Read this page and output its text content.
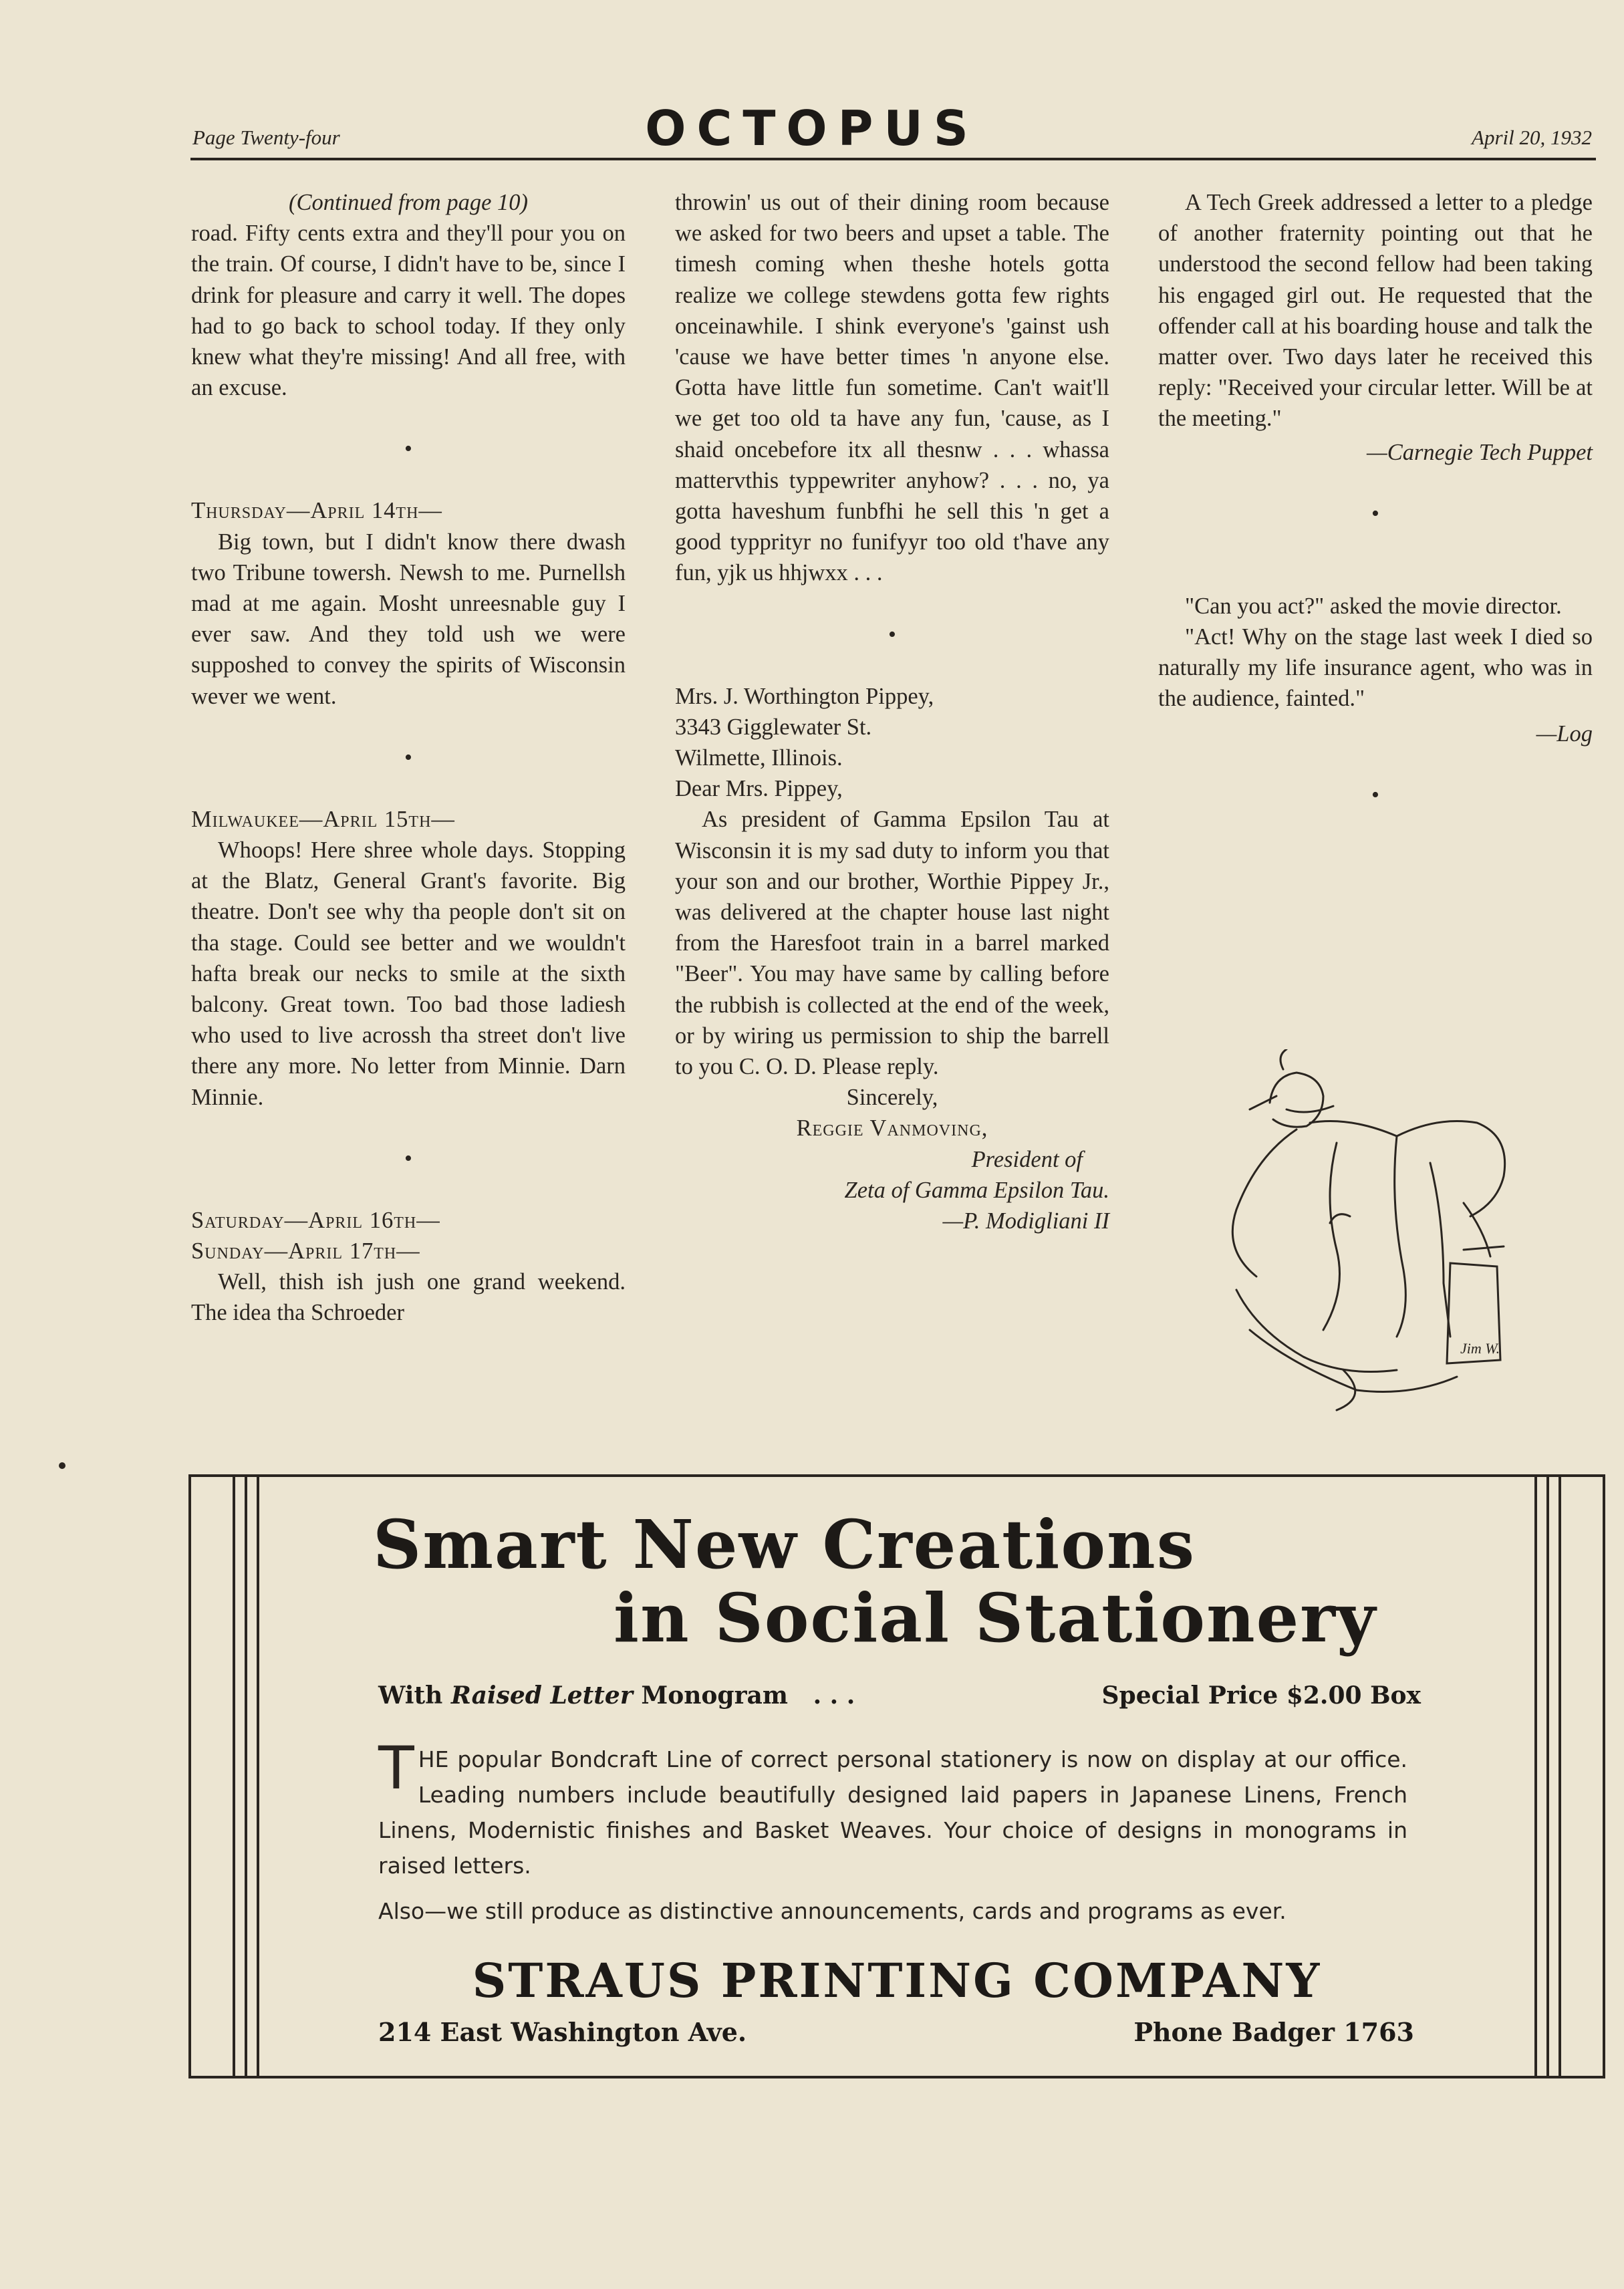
Page Twenty-four	OCTOPUS	April 20, 1932

(Continued from page 10)

road. Fifty cents extra and they'll pour you on the train. Of course, I didn't have to be, since I drink for pleasure and carry it well. The dopes had to go back to school today. If they only knew what they're missing! And all free, with an excuse.

•

Thursday—April 14th—

Big town, but I didn't know there dwash two Tribune towersh. Newsh to me. Purnellsh mad at me again. Mosht unreesnable guy I ever saw. And they told ush we were supposhed to convey the spirits of Wisconsin wever we went.

•

Milwaukee—April 15th—

Whoops! Here shree whole days. Stopping at the Blatz, General Grant's favorite. Big theatre. Don't see why tha people don't sit on tha stage. Could see better and we wouldn't hafta break our necks to smile at the sixth balcony. Great town. Too bad those ladiesh who used to live acrossh tha street don't live there any more. No letter from Minnie. Darn Minnie.

•

Saturday—April 16th—

Sunday—April 17th—

Well, thish ish jush one grand weekend. The idea tha Schroeder

throwin' us out of their dining room because we asked for two beers and upset a table. The timesh coming when theshe hotels gotta realize we college stewdens gotta few rights onceinawhile. I shink everyone's 'gainst ush 'cause we have better times 'n anyone else. Gotta have little fun sometime. Can't wait'll we get too old ta have any fun, 'cause, as I shaid oncebefore itx all thesnw . . . whassa mattervthis typpewriter anyhow? . . . no, ya gotta haveshum funbfhi he sell this 'n get a good typprityr no funifyyr too old t'have any fun, yjk us hhjwxx . . .

•

Mrs. J. Worthington Pippey,

3343 Gigglewater St.

Wilmette, Illinois.

Dear Mrs. Pippey,

As president of Gamma Epsilon Tau at Wisconsin it is my sad duty to inform you that your son and our brother, Worthie Pippey Jr., was delivered at the chapter house last night from the Haresfoot train in a barrel marked "Beer". You may have same by calling before the rubbish is collected at the end of the week, or by wiring us permission to ship the barrell to you C. O. D. Please reply.

Sincerely,

Reggie Vanmoving,

President of

Zeta of Gamma Epsilon Tau.

—P. Modigliani II

A Tech Greek addressed a letter to a pledge of another fraternity pointing out that he understood the second fellow had been taking his engaged girl out. He requested that the offender call at his boarding house and talk the matter over. Two days later he received this reply: "Received your circular letter. Will be at the meeting."

—Carnegie Tech Puppet

•

"Can you act?" asked the movie director.

"Act! Why on the stage last week I died so naturally my life insurance agent, who was in the audience, fainted."

—Log

•
Jim W.
Smart New Creations
in Social Stationery
With Raised Letter Monogram . . .	Special Price $2.00 Box
THE popular Bondcraft Line of correct personal stationery is now on display at our office. Leading numbers include beautifully designed laid papers in Japanese Linens, French Linens, Modernistic finishes and Basket Weaves. Your choice of designs in monograms in raised letters.
Also—we still produce as distinctive announcements, cards and programs as ever.
STRAUS PRINTING COMPANY
214 East Washington Ave.	Phone Badger 1763
